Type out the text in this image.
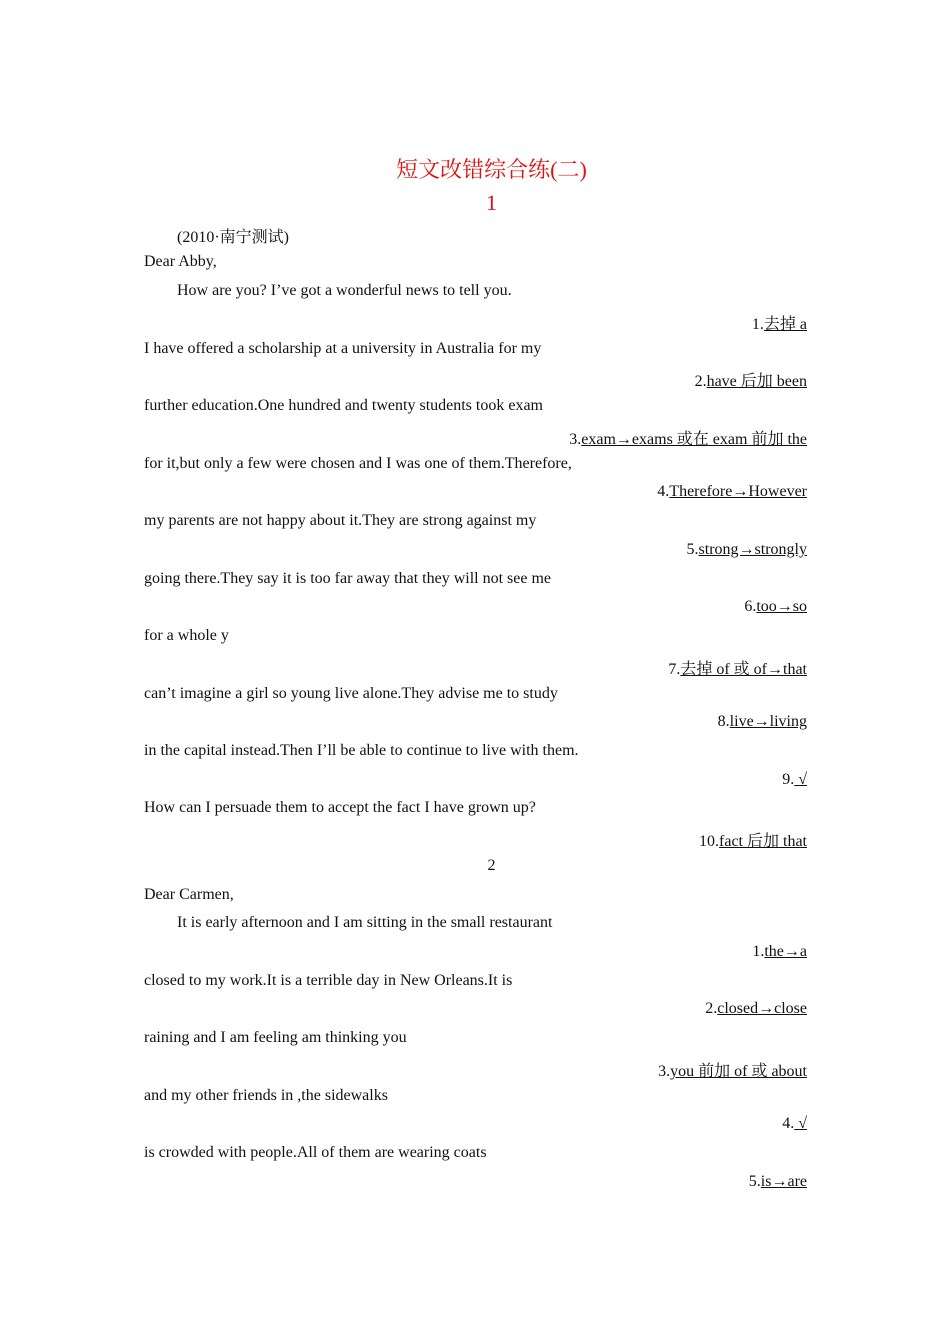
短文改错综合练(二)
1
(2010·南宁测试)
Dear Abby,
How are you? I’ve got a wonderful news to tell you.
1.去掉 a
I have offered a scholarship at a university in Australia for my
2.have 后加 been
further education.One hundred and twenty students took exam
3.exam→exams 或在 exam 前加 the
for it,but only a few were chosen and I was one of them.Therefore,
4.Therefore→However
my parents are not happy about it.They are strong against my
5.strong→strongly
going there.They say it is too far away that they will not see me
6.too→so
for a whole y
7.去掉 of 或 of→that
can’t imagine a girl so young live alone.They advise me to study
8.live→living
in the capital instead.Then I’ll be able to continue to live with them.
9. √
How can I persuade them to accept the fact I have grown up?
10.fact 后加 that
2
Dear Carmen,
It is early afternoon and I am sitting in the small restaurant
1.the→a
closed to my work.It is a terrible day in New Orleans.It is
2.closed→close
raining and I am feeling am thinking you
3.you 前加 of 或 about
and my other friends in ,the sidewalks
4. √
is crowded with people.All of them are wearing coats
5.is→are
